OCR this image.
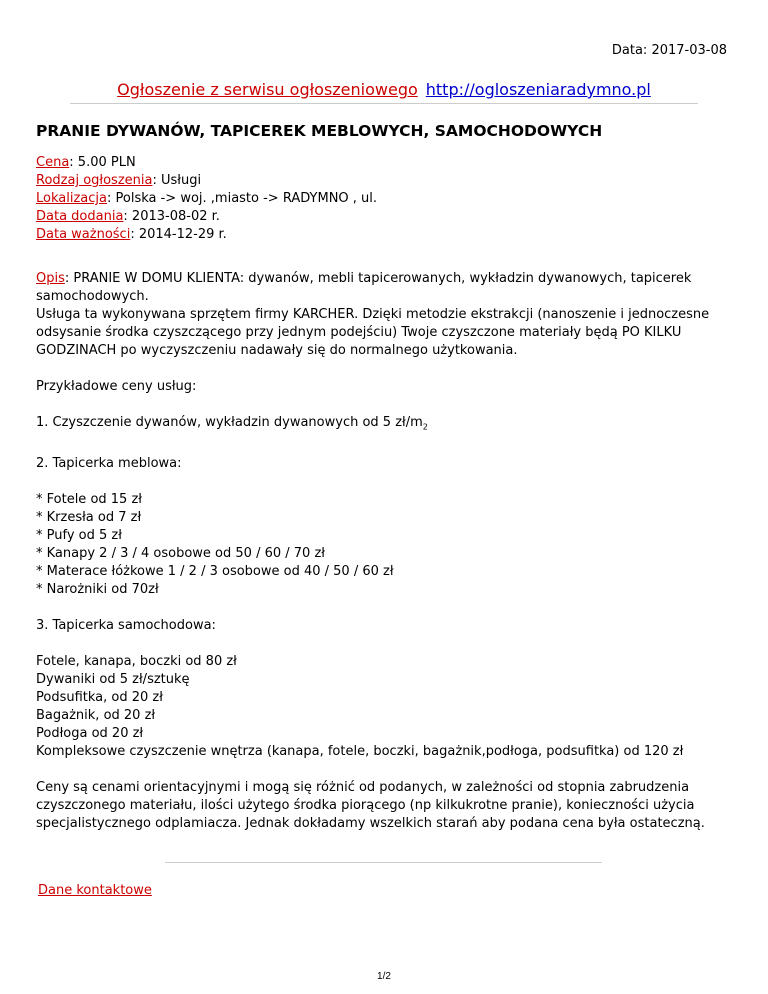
Data: 2017-03-08
Ogłoszenie z serwisu ogłoszeniowego http://ogloszeniaradymno.pl
PRANIE DYWANÓW, TAPICEREK MEBLOWYCH, SAMOCHODOWYCH
Cena: 5.00 PLN
Rodzaj ogłoszenia: Usługi
Lokalizacja: Polska -> woj. ,miasto -> RADYMNO , ul.
Data dodania: 2013-08-02 r.
Data ważności: 2014-12-29 r.

Opis: PRANIE W DOMU KLIENTA: dywanów, mebli tapicerowanych, wykładzin dywanowych, tapicerek samochodowych.
Usługa ta wykonywana sprzętem firmy KARCHER. Dzięki metodzie ekstrakcji (nanoszenie i jednoczesne odsysanie środka czyszczącego przy jednym podejściu) Twoje czyszczone materiały będą PO KILKU GODZINACH po wyczyszczeniu nadawały się do normalnego użytkowania.

Przykładowe ceny usług:

1. Czyszczenie dywanów, wykładzin dywanowych od 5 $zł/m_2$

2. Tapicerka meblowa:

* Fotele od 15 zł
* Krzesła od 7 zł
* Pufy od 5 zł
* Kanapy 2 / 3 / 4 osobowe od 50 / 60 / 70 zł
* Materace łóżkowe 1 / 2 / 3 osobowe od 40 / 50 / 60 zł
* Narożniki od 70zł

3. Tapicerka samochodowa:

Fotele, kanapa, boczki od 80 zł
Dywaniki od 5 zł/sztukę
Podsufitka, od 20 zł
Bagażnik, od 20 zł
Podłoga od 20 zł
Kompleksowe czyszczenie wnętrza (kanapa, fotele, boczki, bagażnik,podłoga, podsufitka) od 120 zł

Ceny są cenami orientacyjnymi i mogą się różnić od podanych, w zależności od stopnia zabrudzenia czyszczonego materiału, ilości użytego środka piorącego (np kilkukrotne pranie), konieczności użycia specjalistycznego odplamiacza. Jednak dokładamy wszelkich starań aby podana cena była ostateczną.

Dane kontaktowe
1/2
